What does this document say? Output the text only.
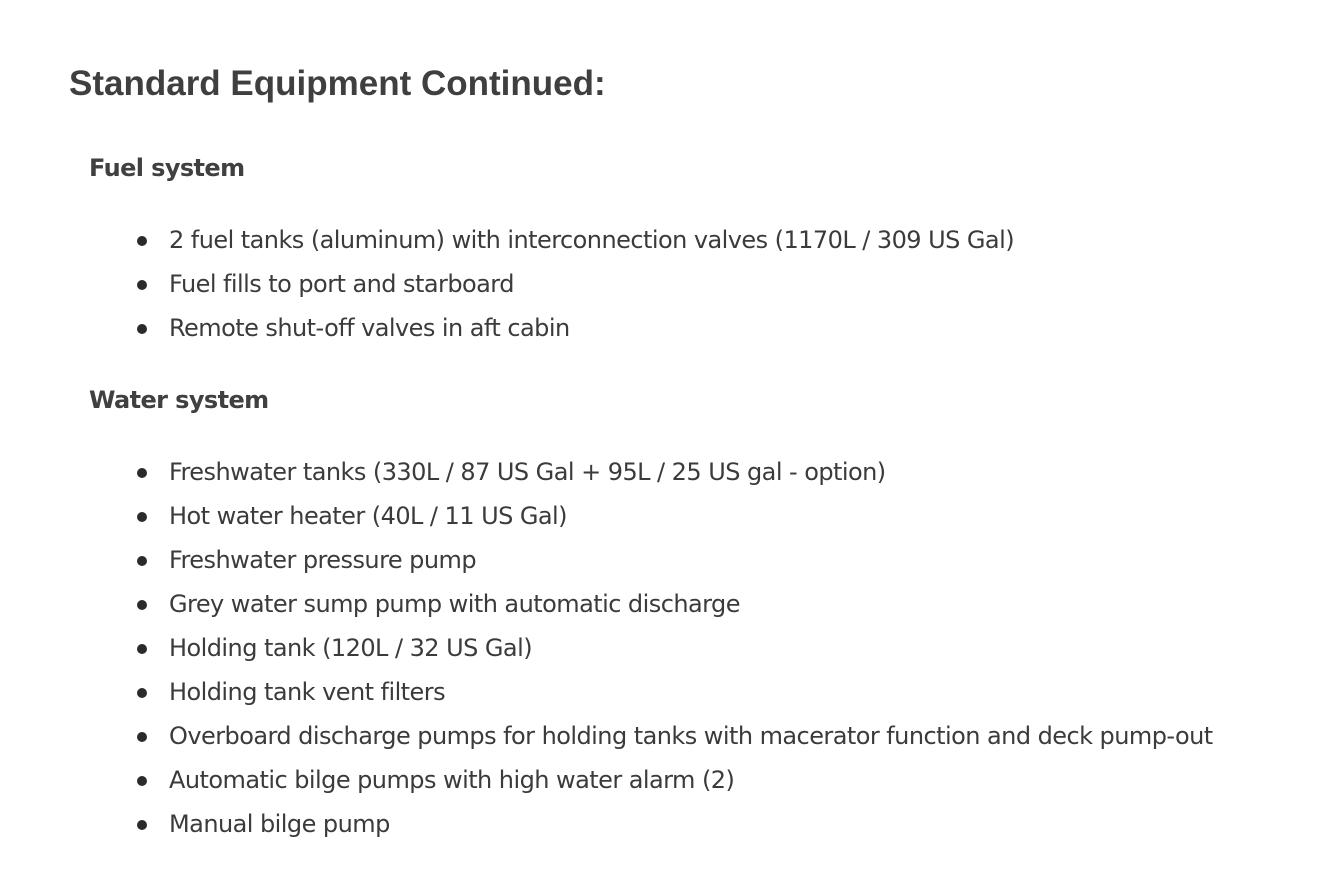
Standard Equipment Continued:
Fuel system
2 fuel tanks (aluminum) with interconnection valves (1170L / 309 US Gal)
Fuel fills to port and starboard
Remote shut-off valves in aft cabin
Water system
Freshwater tanks (330L / 87 US Gal + 95L / 25 US gal - option)
Hot water heater (40L / 11 US Gal)
Freshwater pressure pump
Grey water sump pump with automatic discharge
Holding tank (120L / 32 US Gal)
Holding tank vent filters
Overboard discharge pumps for holding tanks with macerator function and deck pump-out
Automatic bilge pumps with high water alarm (2)
Manual bilge pump
